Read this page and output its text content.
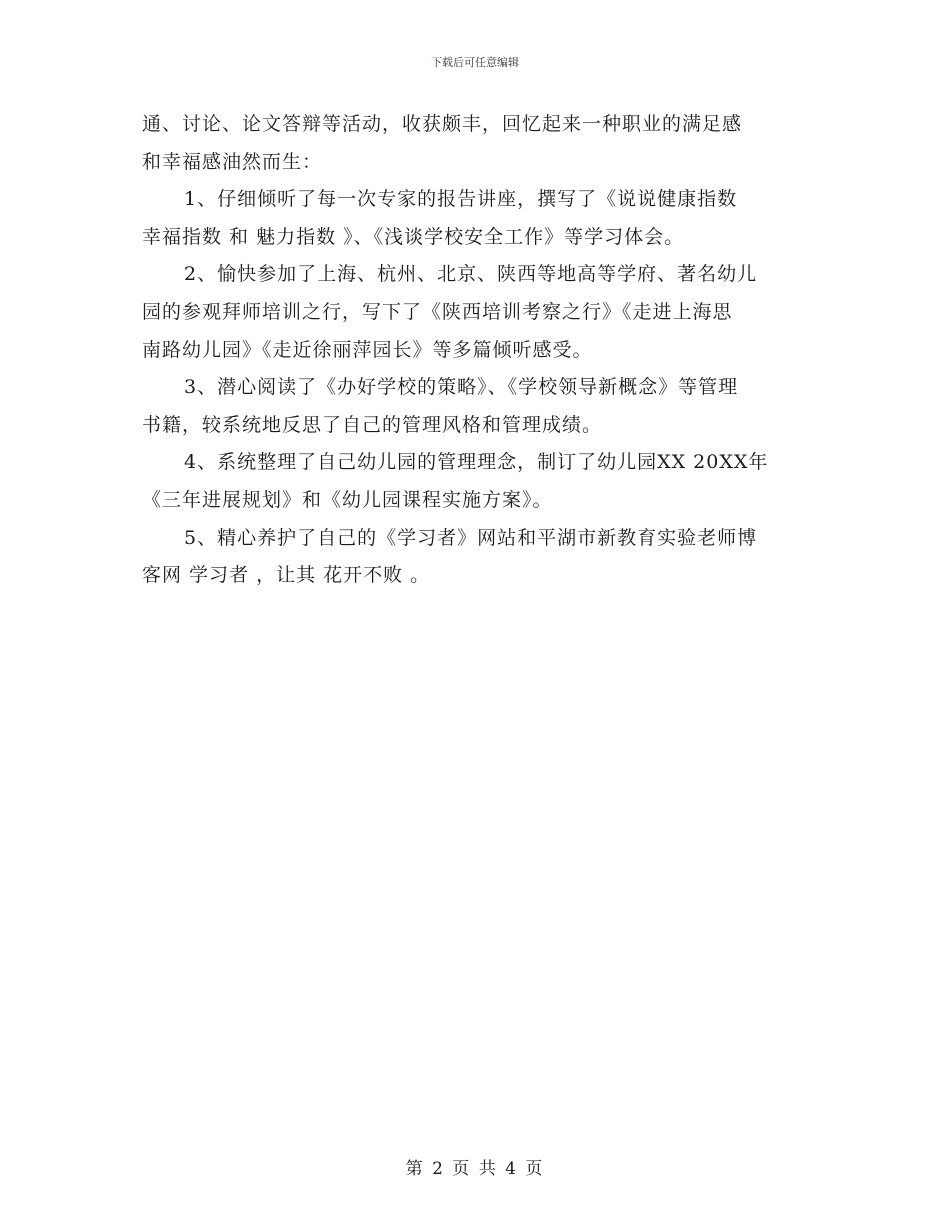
下载后可任意编辑
通、讨论、论文答辩等活动，收获颇丰，回忆起来一种职业的满足感
和幸福感油然而生：
1、仔细倾听了每一次专家的报告讲座，撰写了《说说健康指数
幸福指数 和 魅力指数 》、《浅谈学校安全工作》等学习体会。
2、愉快参加了上海、杭州、北京、陕西等地高等学府、著名幼儿
园的参观拜师培训之行，写下了《陕西培训考察之行》《走进上海思
南路幼儿园》《走近徐丽萍园长》等多篇倾听感受。
3、潜心阅读了《办好学校的策略》、《学校领导新概念》等管理
书籍，较系统地反思了自己的管理风格和管理成绩。
4、系统整理了自己幼儿园的管理理念，制订了幼儿园XX 20XX年
《三年进展规划》和《幼儿园课程实施方案》。
5、精心养护了自己的《学习者》网站和平湖市新教育实验老师博
客网 学习者 ，让其 花开不败 。
第 2 页 共 4 页
